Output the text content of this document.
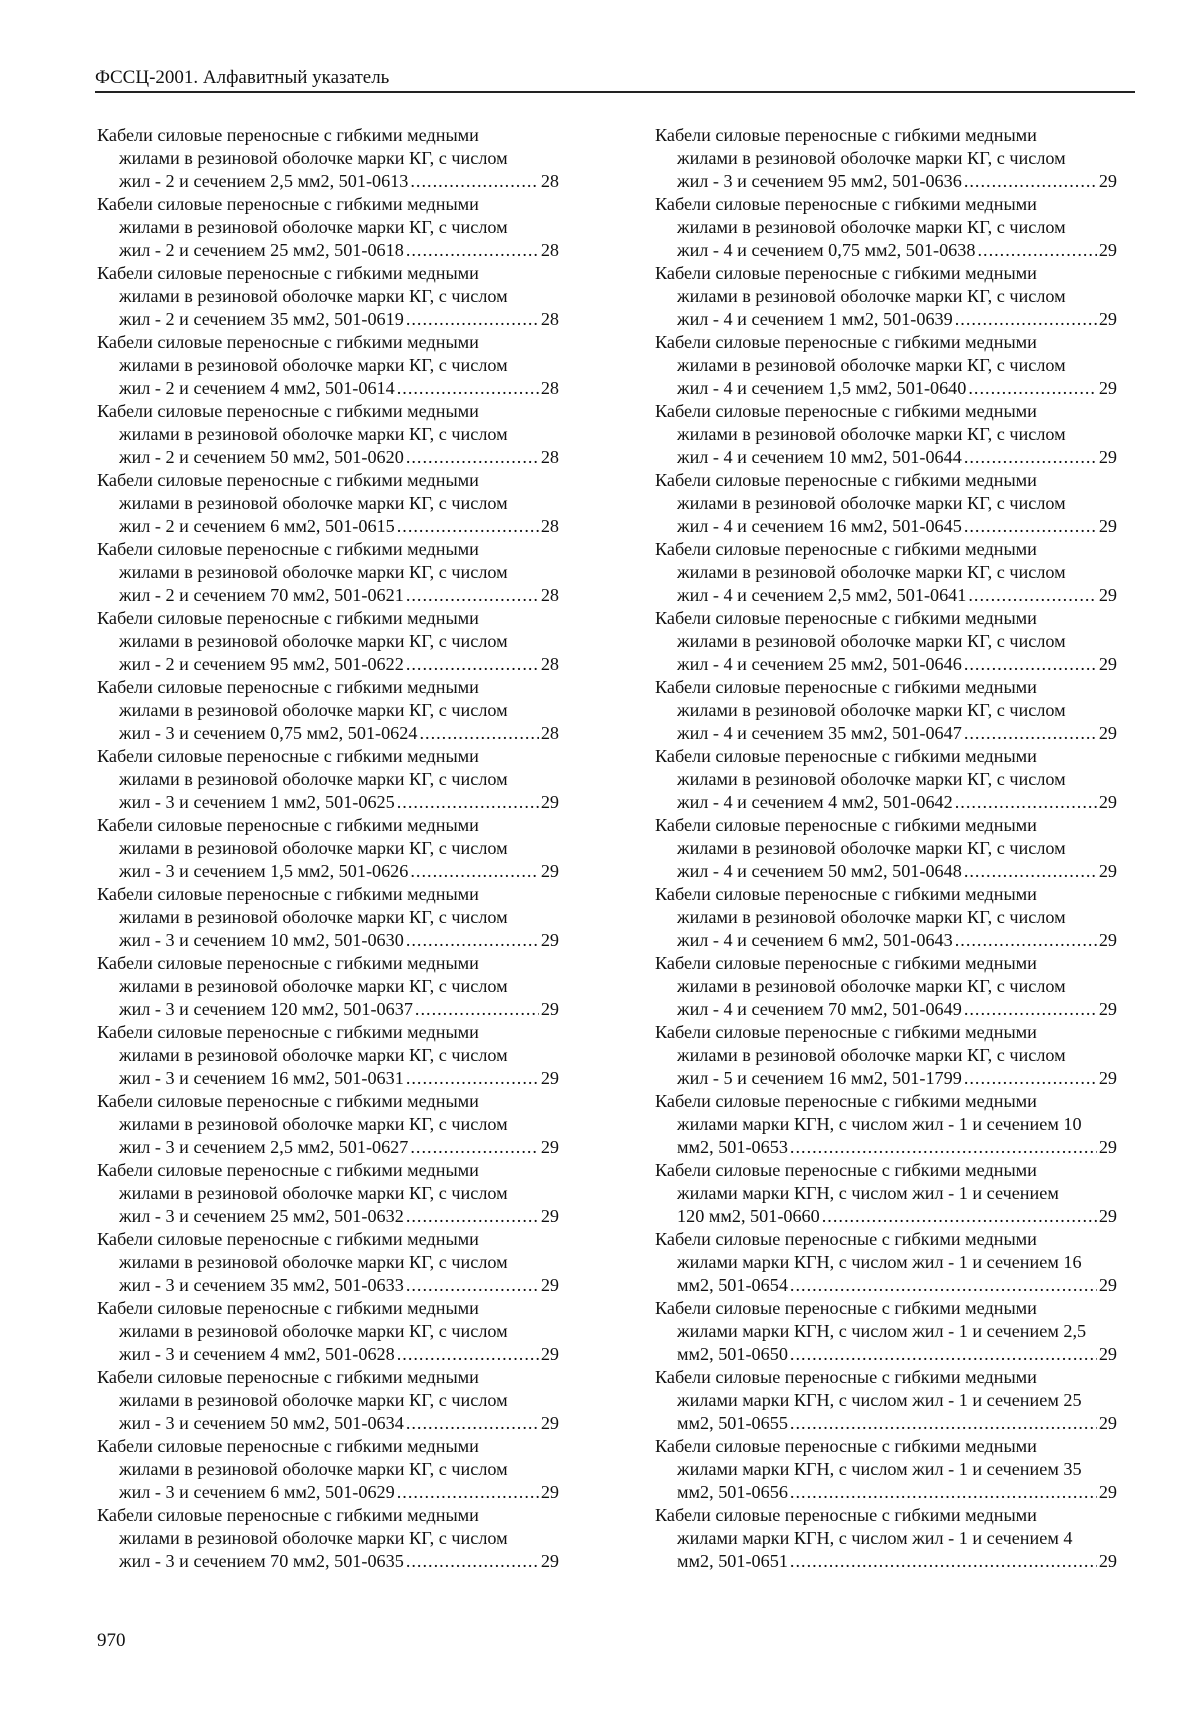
ФССЦ-2001. Алфавитный указатель
Кабели силовые переносные с гибкими медными
жилами в резиновой оболочке марки КГ, с числом
жил - 2 и сечением 2,5 мм2, 501-0613 .....	28
Кабели силовые переносные с гибкими медными
жилами в резиновой оболочке марки КГ, с числом
жил - 2 и сечением 25 мм2, 501-0618 .....	28
Кабели силовые переносные с гибкими медными
жилами в резиновой оболочке марки КГ, с числом
жил - 2 и сечением 35 мм2, 501-0619 .....	28
Кабели силовые переносные с гибкими медными
жилами в резиновой оболочке марки КГ, с числом
жил - 2 и сечением 4 мм2, 501-0614 .....	28
Кабели силовые переносные с гибкими медными
жилами в резиновой оболочке марки КГ, с числом
жил - 2 и сечением 50 мм2, 501-0620 .....	28
Кабели силовые переносные с гибкими медными
жилами в резиновой оболочке марки КГ, с числом
жил - 2 и сечением 6 мм2, 501-0615 .....	28
Кабели силовые переносные с гибкими медными
жилами в резиновой оболочке марки КГ, с числом
жил - 2 и сечением 70 мм2, 501-0621 .....	28
Кабели силовые переносные с гибкими медными
жилами в резиновой оболочке марки КГ, с числом
жил - 2 и сечением 95 мм2, 501-0622 .....	28
Кабели силовые переносные с гибкими медными
жилами в резиновой оболочке марки КГ, с числом
жил - 3 и сечением 0,75 мм2, 501-0624 .....	28
Кабели силовые переносные с гибкими медными
жилами в резиновой оболочке марки КГ, с числом
жил - 3 и сечением 1 мм2, 501-0625 .....	29
Кабели силовые переносные с гибкими медными
жилами в резиновой оболочке марки КГ, с числом
жил - 3 и сечением 1,5 мм2, 501-0626 .....	29
Кабели силовые переносные с гибкими медными
жилами в резиновой оболочке марки КГ, с числом
жил - 3 и сечением 10 мм2, 501-0630 .....	29
Кабели силовые переносные с гибкими медными
жилами в резиновой оболочке марки КГ, с числом
жил - 3 и сечением 120 мм2, 501-0637 .....	29
Кабели силовые переносные с гибкими медными
жилами в резиновой оболочке марки КГ, с числом
жил - 3 и сечением 16 мм2, 501-0631 .....	29
Кабели силовые переносные с гибкими медными
жилами в резиновой оболочке марки КГ, с числом
жил - 3 и сечением 2,5 мм2, 501-0627 .....	29
Кабели силовые переносные с гибкими медными
жилами в резиновой оболочке марки КГ, с числом
жил - 3 и сечением 25 мм2, 501-0632 .....	29
Кабели силовые переносные с гибкими медными
жилами в резиновой оболочке марки КГ, с числом
жил - 3 и сечением 35 мм2, 501-0633 .....	29
Кабели силовые переносные с гибкими медными
жилами в резиновой оболочке марки КГ, с числом
жил - 3 и сечением 4 мм2, 501-0628 .....	29
Кабели силовые переносные с гибкими медными
жилами в резиновой оболочке марки КГ, с числом
жил - 3 и сечением 50 мм2, 501-0634 .....	29
Кабели силовые переносные с гибкими медными
жилами в резиновой оболочке марки КГ, с числом
жил - 3 и сечением 6 мм2, 501-0629 .....	29
Кабели силовые переносные с гибкими медными
жилами в резиновой оболочке марки КГ, с числом
жил - 3 и сечением 70 мм2, 501-0635 .....	29
Кабели силовые переносные с гибкими медными
жилами в резиновой оболочке марки КГ, с числом
жил - 3 и сечением 95 мм2, 501-0636 .....	29
Кабели силовые переносные с гибкими медными
жилами в резиновой оболочке марки КГ, с числом
жил - 4 и сечением 0,75 мм2, 501-0638 .....	29
Кабели силовые переносные с гибкими медными
жилами в резиновой оболочке марки КГ, с числом
жил - 4 и сечением 1 мм2, 501-0639 .....	29
Кабели силовые переносные с гибкими медными
жилами в резиновой оболочке марки КГ, с числом
жил - 4 и сечением 1,5 мм2, 501-0640 .....	29
Кабели силовые переносные с гибкими медными
жилами в резиновой оболочке марки КГ, с числом
жил - 4 и сечением 10 мм2, 501-0644 .....	29
Кабели силовые переносные с гибкими медными
жилами в резиновой оболочке марки КГ, с числом
жил - 4 и сечением 16 мм2, 501-0645 .....	29
Кабели силовые переносные с гибкими медными
жилами в резиновой оболочке марки КГ, с числом
жил - 4 и сечением 2,5 мм2, 501-0641 .....	29
Кабели силовые переносные с гибкими медными
жилами в резиновой оболочке марки КГ, с числом
жил - 4 и сечением 25 мм2, 501-0646 .....	29
Кабели силовые переносные с гибкими медными
жилами в резиновой оболочке марки КГ, с числом
жил - 4 и сечением 35 мм2, 501-0647 .....	29
Кабели силовые переносные с гибкими медными
жилами в резиновой оболочке марки КГ, с числом
жил - 4 и сечением 4 мм2, 501-0642 .....	29
Кабели силовые переносные с гибкими медными
жилами в резиновой оболочке марки КГ, с числом
жил - 4 и сечением 50 мм2, 501-0648 .....	29
Кабели силовые переносные с гибкими медными
жилами в резиновой оболочке марки КГ, с числом
жил - 4 и сечением 6 мм2, 501-0643 .....	29
Кабели силовые переносные с гибкими медными
жилами в резиновой оболочке марки КГ, с числом
жил - 4 и сечением 70 мм2, 501-0649 .....	29
Кабели силовые переносные с гибкими медными
жилами в резиновой оболочке марки КГ, с числом
жил - 5 и сечением 16 мм2, 501-1799 .....	29
Кабели силовые переносные с гибкими медными
жилами марки КГН, с числом жил - 1 и сечением 10
мм2, 501-0653 .....	29
Кабели силовые переносные с гибкими медными
жилами марки КГН, с числом жил - 1 и сечением
120 мм2, 501-0660 .....	29
Кабели силовые переносные с гибкими медными
жилами марки КГН, с числом жил - 1 и сечением 16
мм2, 501-0654 .....	29
Кабели силовые переносные с гибкими медными
жилами марки КГН, с числом жил - 1 и сечением 2,5
мм2, 501-0650 .....	29
Кабели силовые переносные с гибкими медными
жилами марки КГН, с числом жил - 1 и сечением 25
мм2, 501-0655 .....	29
Кабели силовые переносные с гибкими медными
жилами марки КГН, с числом жил - 1 и сечением 35
мм2, 501-0656 .....	29
Кабели силовые переносные с гибкими медными
жилами марки КГН, с числом жил - 1 и сечением 4
мм2, 501-0651 .....	29
970
